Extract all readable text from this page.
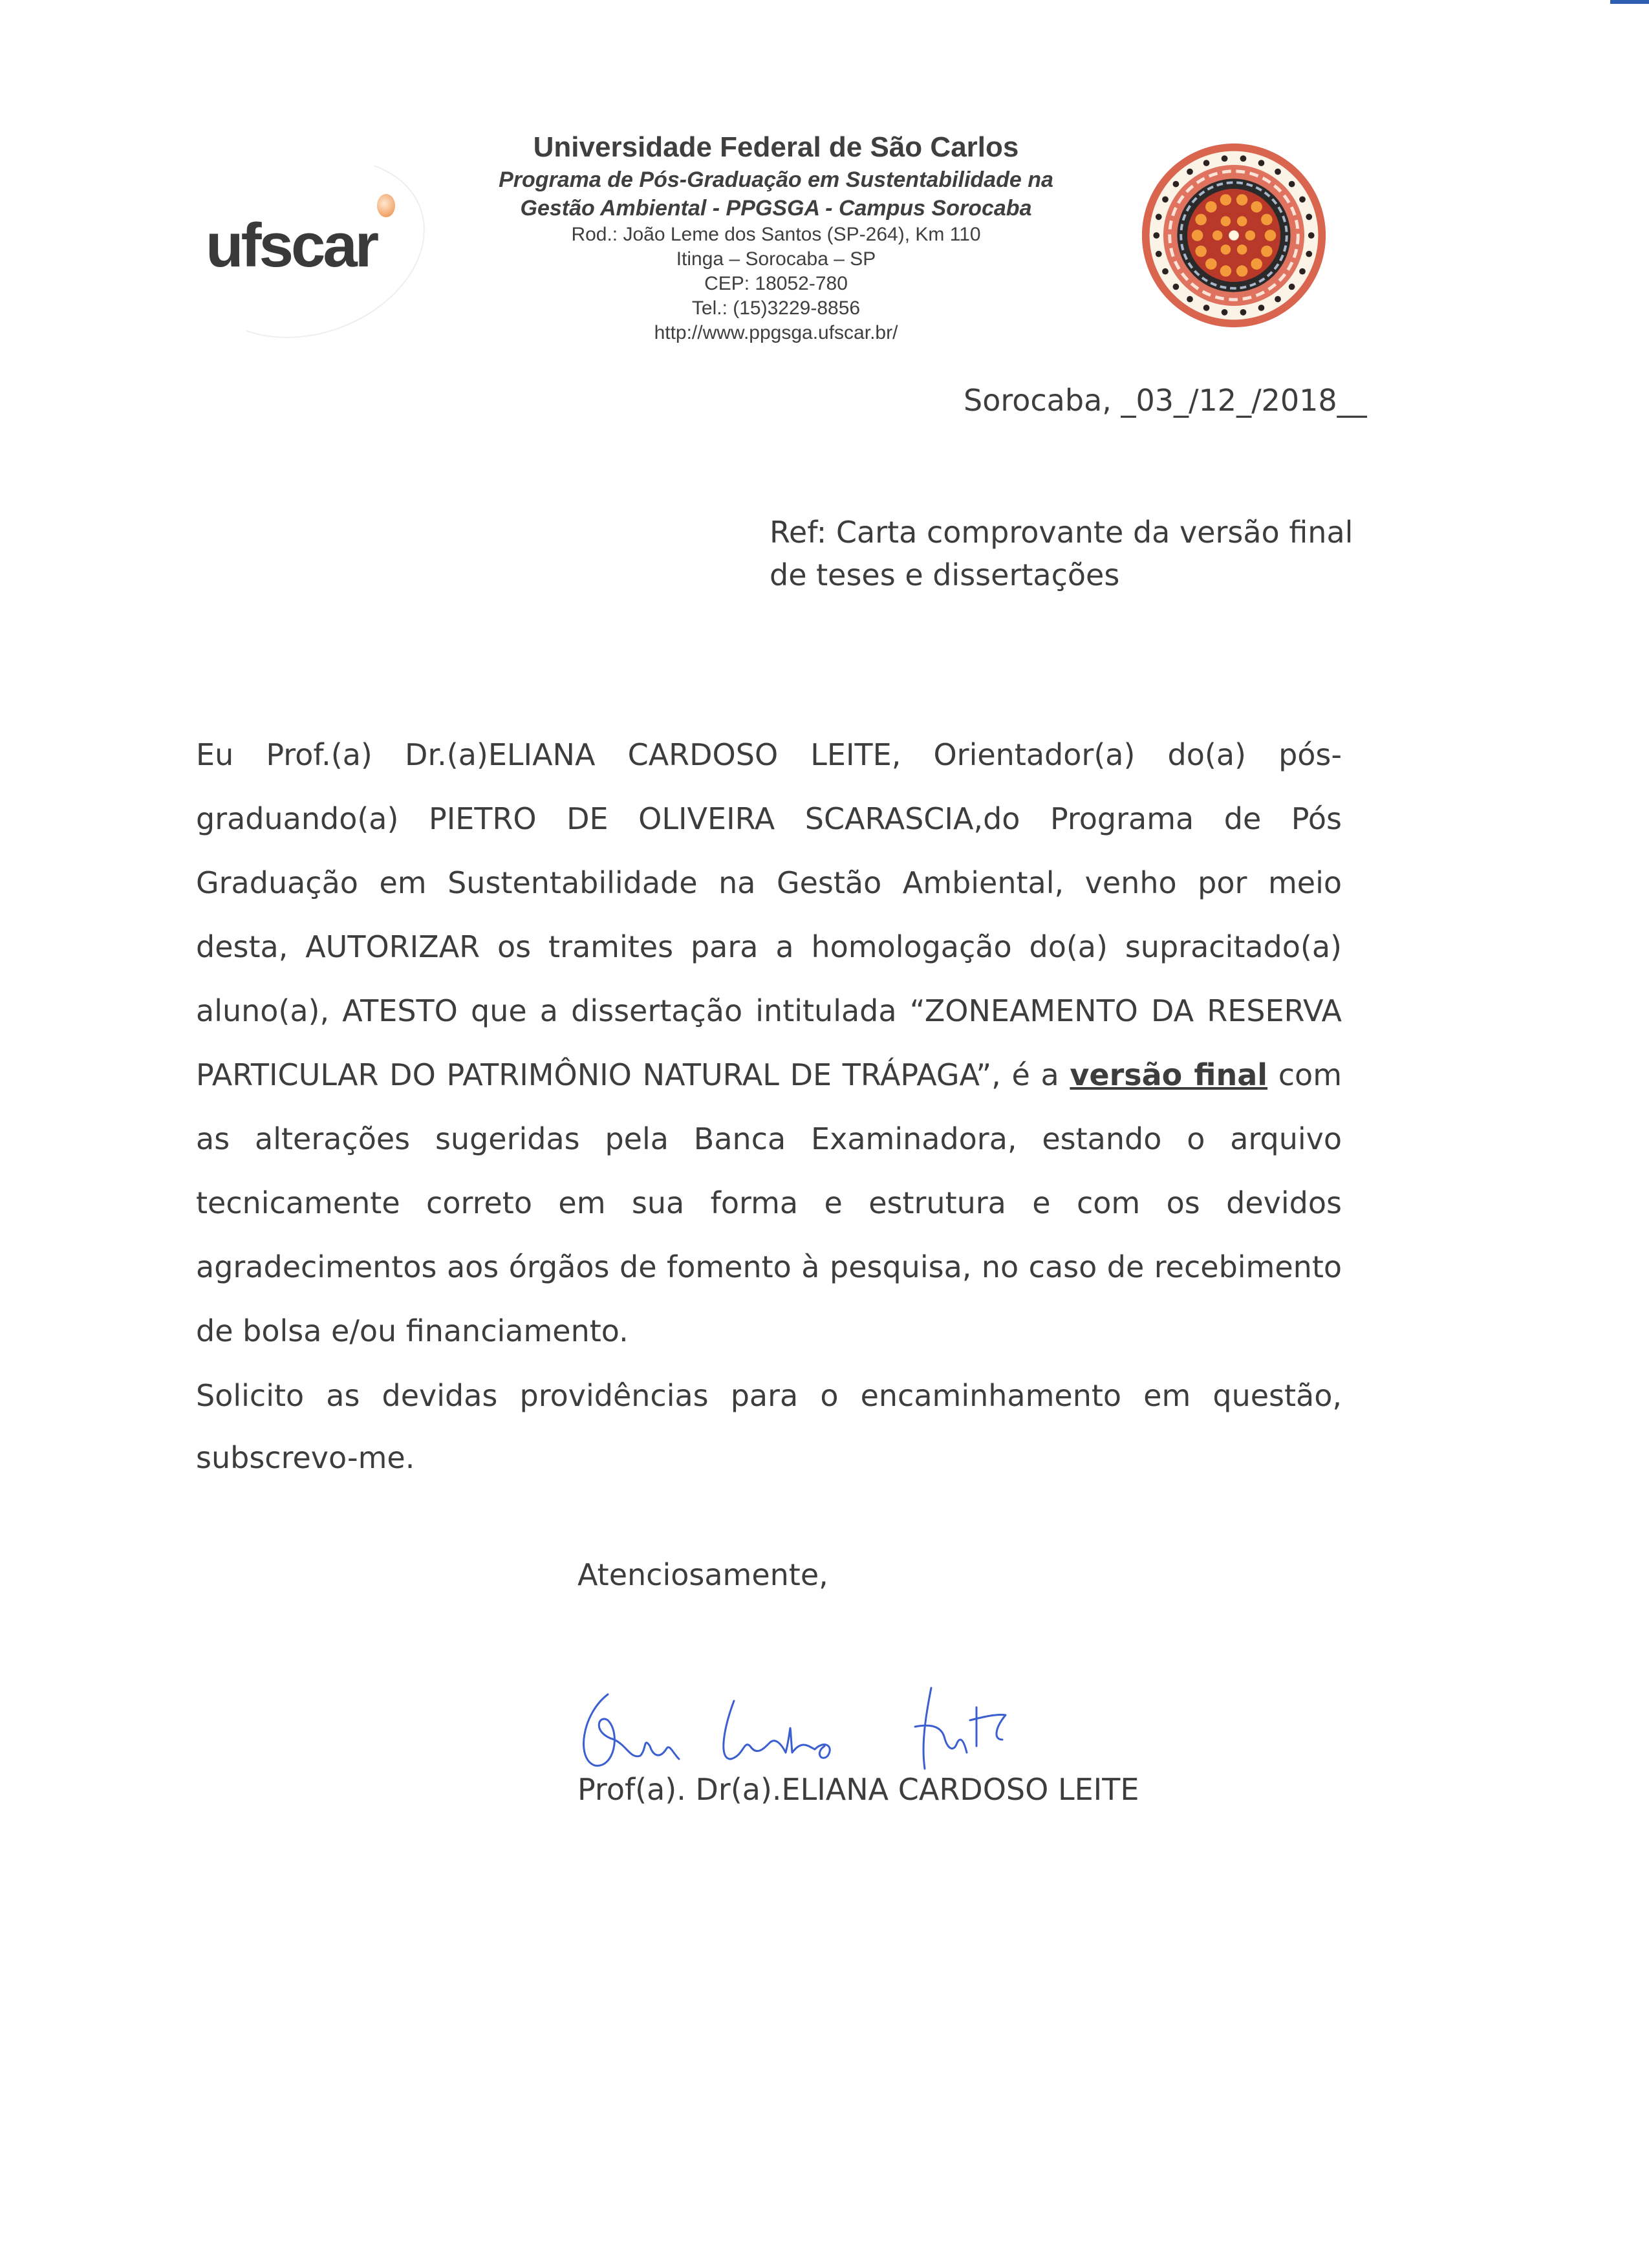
ufscar

Universidade Federal de São Carlos

Programa de Pós-Graduação em Sustentabilidade na

Gestão Ambiental - PPGSGA - Campus Sorocaba

Rod.: João Leme dos Santos (SP-264), Km 110

Itinga – Sorocaba – SP

CEP: 18052-780

Tel.: (15)3229-8856

http://www.ppgsga.ufscar.br/

Sorocaba, _03_/12_/2018__
Ref: Carta comprovante da versão final
de teses e dissertações
Eu Prof.(a) Dr.(a)ELIANA CARDOSO LEITE, Orientador(a) do(a) pós-graduando(a) PIETRO DE OLIVEIRA SCARASCIA,do Programa de Pós Graduação em Sustentabilidade na Gestão Ambiental, venho por meio desta, AUTORIZAR os tramites para a homologação do(a) supracitado(a) aluno(a), ATESTO que a dissertação intitulada “ZONEAMENTO DA RESERVA PARTICULAR DO PATRIMÔNIO NATURAL DE TRÁPAGA”, é a versão final com as alterações sugeridas pela Banca Examinadora, estando o arquivo tecnicamente correto em sua forma e estrutura e com os devidos agradecimentos aos órgãos de fomento à pesquisa, no caso de recebimento de bolsa e/ou financiamento.
Solicito as devidas providências para o encaminhamento em questão, subscrevo-me.
Atenciosamente,
Prof(a). Dr(a).ELIANA CARDOSO LEITE
